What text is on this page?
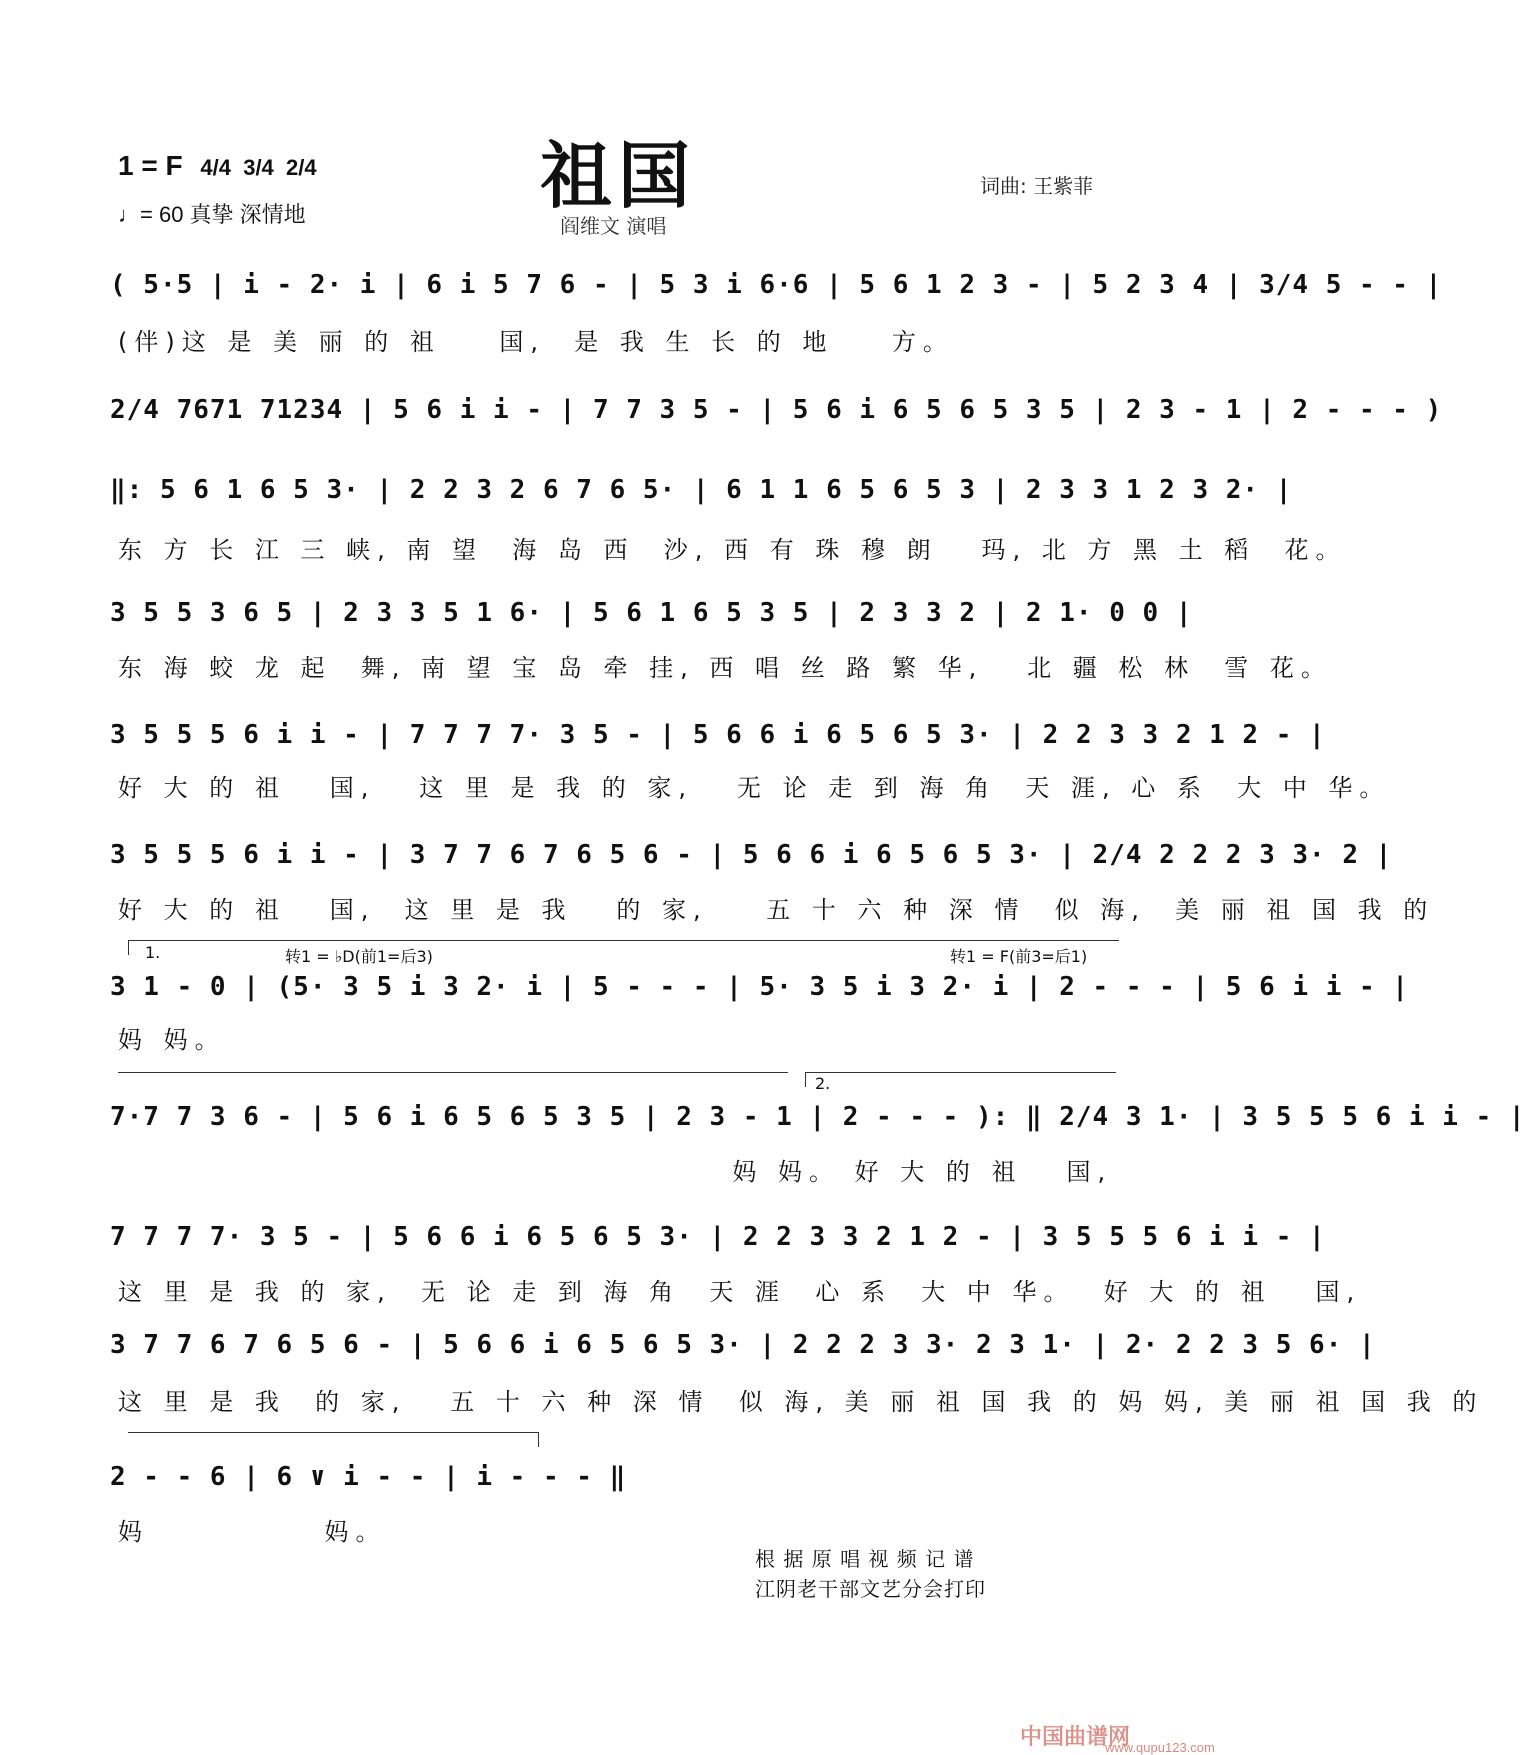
1 = F 4/4 3/4 2/4
♩= 60 真挚 深情地	祖国
阎维文 演唱
词曲: 王紫菲
( 5·5 | i - 2· i | 6 i 5 7 6 - | 5 3 i 6·6 | 5 6 1 2 3 - | 5 2 3 4 | 3/4 5 - - |
(伴)这 是 美 丽 的 祖    国,  是 我 生 长 的 地    方。
2/4 7671 71234 | 5 6 i i - | 7 7 3 5 - | 5 6 i 6 5 6 5 3 5 | 2 3 - 1 | 2 - - - )
‖: 5 6 1 6 5 3· | 2 2 3 2 6 7 6 5· | 6 1 1 6 5 6 5 3 | 2 3 3 1 2 3 2· |
东 方 长 江 三 峡, 南 望  海 岛 西  沙, 西 有 珠 穆 朗   玛, 北 方 黑 土 稻  花。
3 5 5 3 6 5 | 2 3 3 5 1 6· | 5 6 1 6 5 3 5 | 2 3 3 2 | 2 1· 0 0 |
东 海 蛟 龙 起  舞, 南 望 宝 岛 牵 挂, 西 唱 丝 路 繁 华,   北 疆 松 林  雪 花。
3 5 5 5 6 i i - | 7 7 7 7· 3 5 - | 5 6 6 i 6 5 6 5 3· | 2 2 3 3 2 1 2 - |
好 大 的 祖   国,   这 里 是 我 的 家,   无 论 走 到 海 角  天 涯, 心 系  大 中 华。
3 5 5 5 6 i i - | 3 7 7 6 7 6 5 6 - | 5 6 6 i 6 5 6 5 3· | 2/4 2 2 2 3 3· 2 |
好 大 的 祖   国,  这 里 是 我   的 家,    五 十 六 种 深 情  似 海,  美 丽 祖 国 我 的
1.	转1 = ♭D(前1=后3)	转1 = F(前3=后1)
3 1 - 0 | (5· 3 5 i 3 2· i | 5 - - - | 5· 3 5 i 3 2· i | 2 - - - | 5 6 i i - |
妈 妈。
2.
7·7 7 3 6 - | 5 6 i 6 5 6 5 3 5 | 2 3 - 1 | 2 - - - ): ‖ 2/4 3 1· | 3 5 5 5 6 i i - |
妈 妈。 好 大 的 祖   国,
7 7 7 7· 3 5 - | 5 6 6 i 6 5 6 5 3· | 2 2 3 3 2 1 2 - | 3 5 5 5 6 i i - |
这 里 是 我 的 家,  无 论 走 到 海 角  天 涯  心 系  大 中 华。  好 大 的 祖   国,
3 7 7 6 7 6 5 6 - | 5 6 6 i 6 5 6 5 3· | 2 2 2 3 3· 2 3 1· | 2· 2 2 3 5 6· |
这 里 是 我  的 家,   五 十 六 种 深 情  似 海, 美 丽 祖 国 我 的 妈 妈, 美 丽 祖 国 我 的
2 - - 6 | 6 ∨ i - - | i - - - ‖
妈            妈。
根 据 原 唱 视 频 记 谱
江阴老干部文艺分会打印
中国曲谱网
www.qupu123.com
